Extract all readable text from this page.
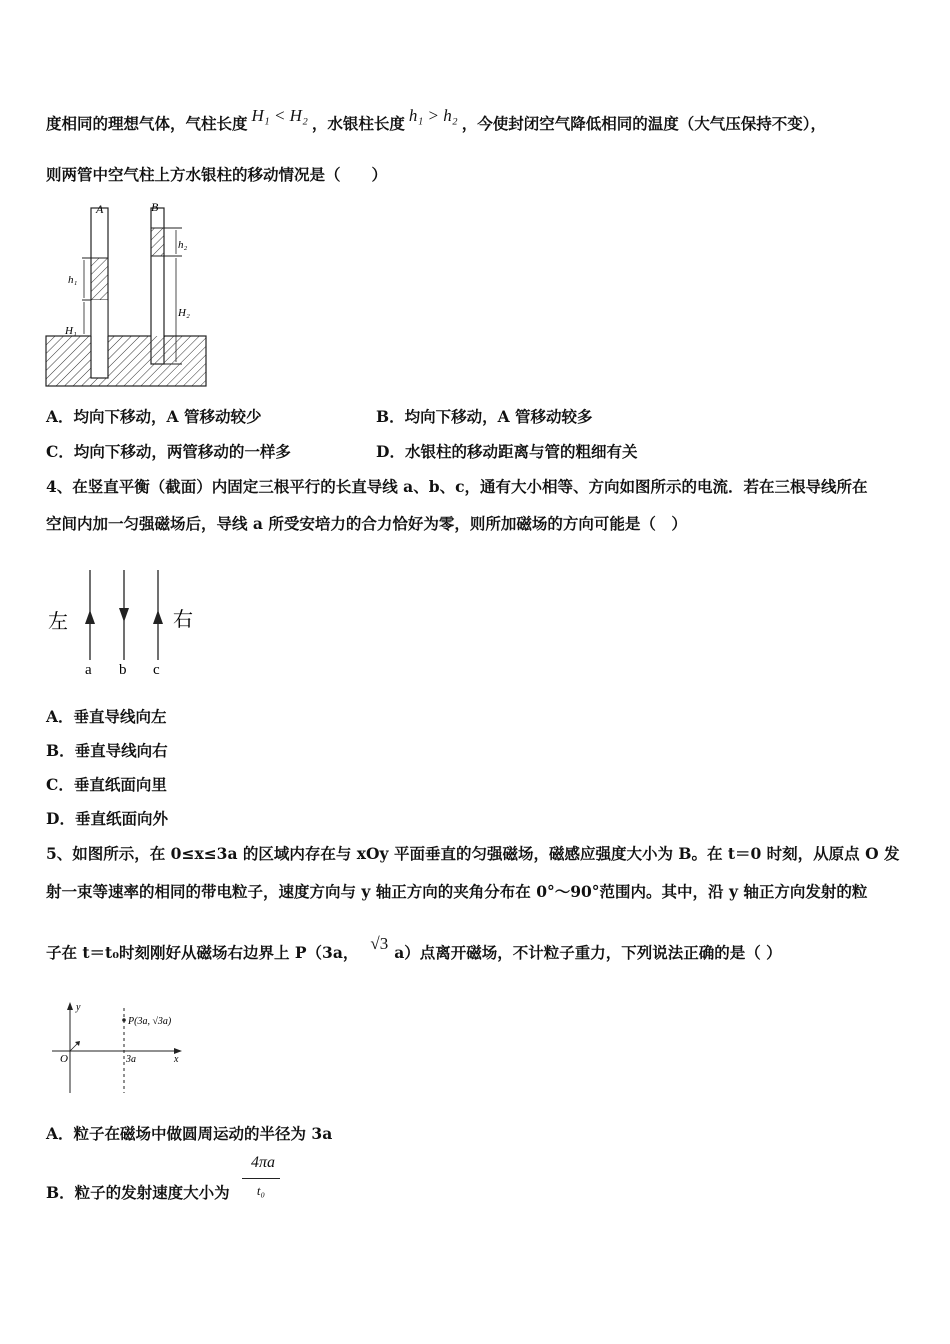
度相同的理想气体，气柱长度 H₁ < H₂ ，水银柱长度 h₁ > h₂ ，今使封闭空气降低相同的温度（大气压保持不变），
则两管中空气柱上方水银柱的移动情况是（　　）
A	B
h₁
h₂
H₁
H₂
A．均向下移动，A 管移动较少	B．均向下移动，A 管移动较多
C．均向下移动，两管移动的一样多	D．水银柱的移动距离与管的粗细有关
4、在竖直平衡（截面）内固定三根平行的长直导线 a、b、c，通有大小相等、方向如图所示的电流．若在三根导线所在
空间内加一匀强磁场后，导线 a 所受安培力的合力恰好为零，则所加磁场的方向可能是（　）
左	右
a b c
A．垂直导线向左
B．垂直导线向右
C．垂直纸面向里
D．垂直纸面向外
5、如图所示，在 0≤x≤3a 的区域内存在与 xOy 平面垂直的匀强磁场，磁感应强度大小为 B。在 t＝0 时刻，从原点 O 发
射一束等速率的相同的带电粒子，速度方向与 y 轴正方向的夹角分布在 0°～90°范围内。其中，沿 y 轴正方向发射的粒
子在 t＝t₀时刻刚好从磁场右边界上 P（3a， √3 a）点离开磁场，不计粒子重力，下列说法正确的是（ ）
y
x
O	3a
P(3a, √3a)
A．粒子在磁场中做圆周运动的半径为 3a
B．粒子的发射速度大小为
4πa
t₀
